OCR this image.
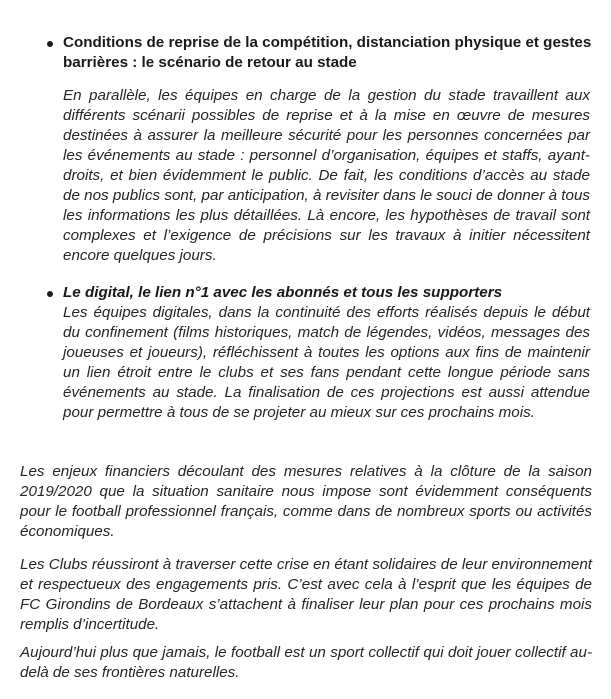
Conditions de reprise de la compétition, distanciation physique et gestes barrières : le scénario de retour au stade

En parallèle, les équipes en charge de la gestion du stade travaillent aux différents scénarii possibles de reprise et à la mise en œuvre de mesures destinées à assurer la meilleure sécurité pour les personnes concernées par les événements au stade : personnel d’organisation, équipes et staffs, ayant-droits, et bien évidemment le public. De fait, les conditions d’accès au stade de nos publics sont, par anticipation, à revisiter dans le souci de donner à tous les informations les plus détaillées. Là encore, les hypothèses de travail sont complexes et l’exigence de précisions sur les travaux à initier nécessitent encore quelques jours.

Le digital, le lien n°1 avec les abonnés et tous les supporters

Les équipes digitales, dans la continuité des efforts réalisés depuis le début du confinement (films historiques, match de légendes, vidéos, messages des joueuses et joueurs), réfléchissent à toutes les options aux fins de maintenir un lien étroit entre le clubs et ses fans pendant cette longue période sans événements au stade. La finalisation de ces projections est aussi attendue pour permettre à tous de se projeter au mieux sur ces prochains mois.

Les enjeux financiers découlant des mesures relatives à la clôture de la saison 2019/2020 que la situation sanitaire nous impose sont évidemment conséquents pour le football professionnel français, comme dans de nombreux sports ou activités économiques.

Les Clubs réussiront à traverser cette crise en étant solidaires de leur environnement et respectueux des engagements pris. C’est avec cela à l’esprit que les équipes de FC Girondins de Bordeaux s’attachent à finaliser leur plan pour ces prochains mois remplis d’incertitude.

Aujourd’hui plus que jamais, le football est un sport collectif qui doit jouer collectif au-delà de ses frontières naturelles.
